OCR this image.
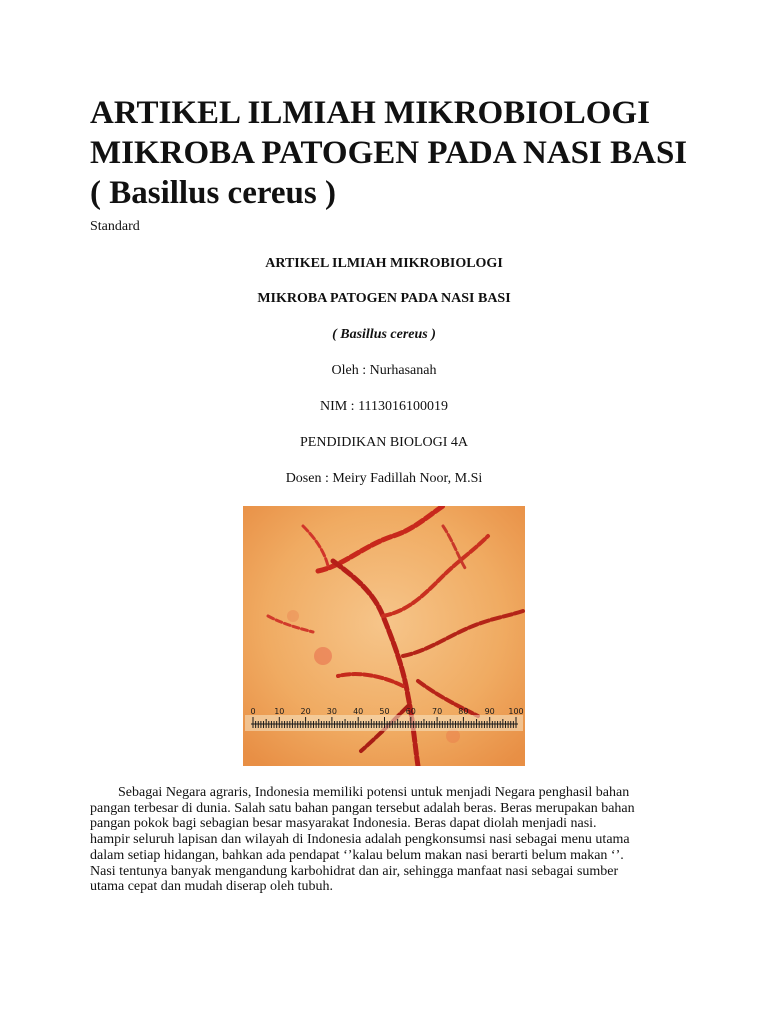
ARTIKEL ILMIAH MIKROBIOLOGI
MIKROBA PATOGEN PADA NASI BASI
( Basillus cereus )
Standard
ARTIKEL ILMIAH MIKROBIOLOGI
MIKROBA PATOGEN PADA NASI BASI
( Basillus cereus )
Oleh : Nurhasanah
NIM : 1113016100019
PENDIDIKAN BIOLOGI 4A
Dosen : Meiry Fadillah Noor, M.Si
0 10 20 30 40 50 60 70 80 90 100
Sebagai Negara agraris, Indonesia memiliki potensi untuk menjadi Negara penghasil bahan
pangan terbesar di dunia. Salah satu bahan pangan tersebut adalah beras. Beras merupakan bahan
pangan pokok bagi sebagian besar masyarakat Indonesia. Beras dapat diolah menjadi nasi.
hampir seluruh lapisan dan wilayah di Indonesia adalah pengkonsumsi nasi sebagai menu utama
dalam setiap hidangan, bahkan ada pendapat ‘’kalau belum makan nasi berarti belum makan ‘’.
Nasi tentunya banyak mengandung karbohidrat dan air, sehingga manfaat nasi sebagai sumber
utama cepat dan mudah diserap oleh tubuh.
